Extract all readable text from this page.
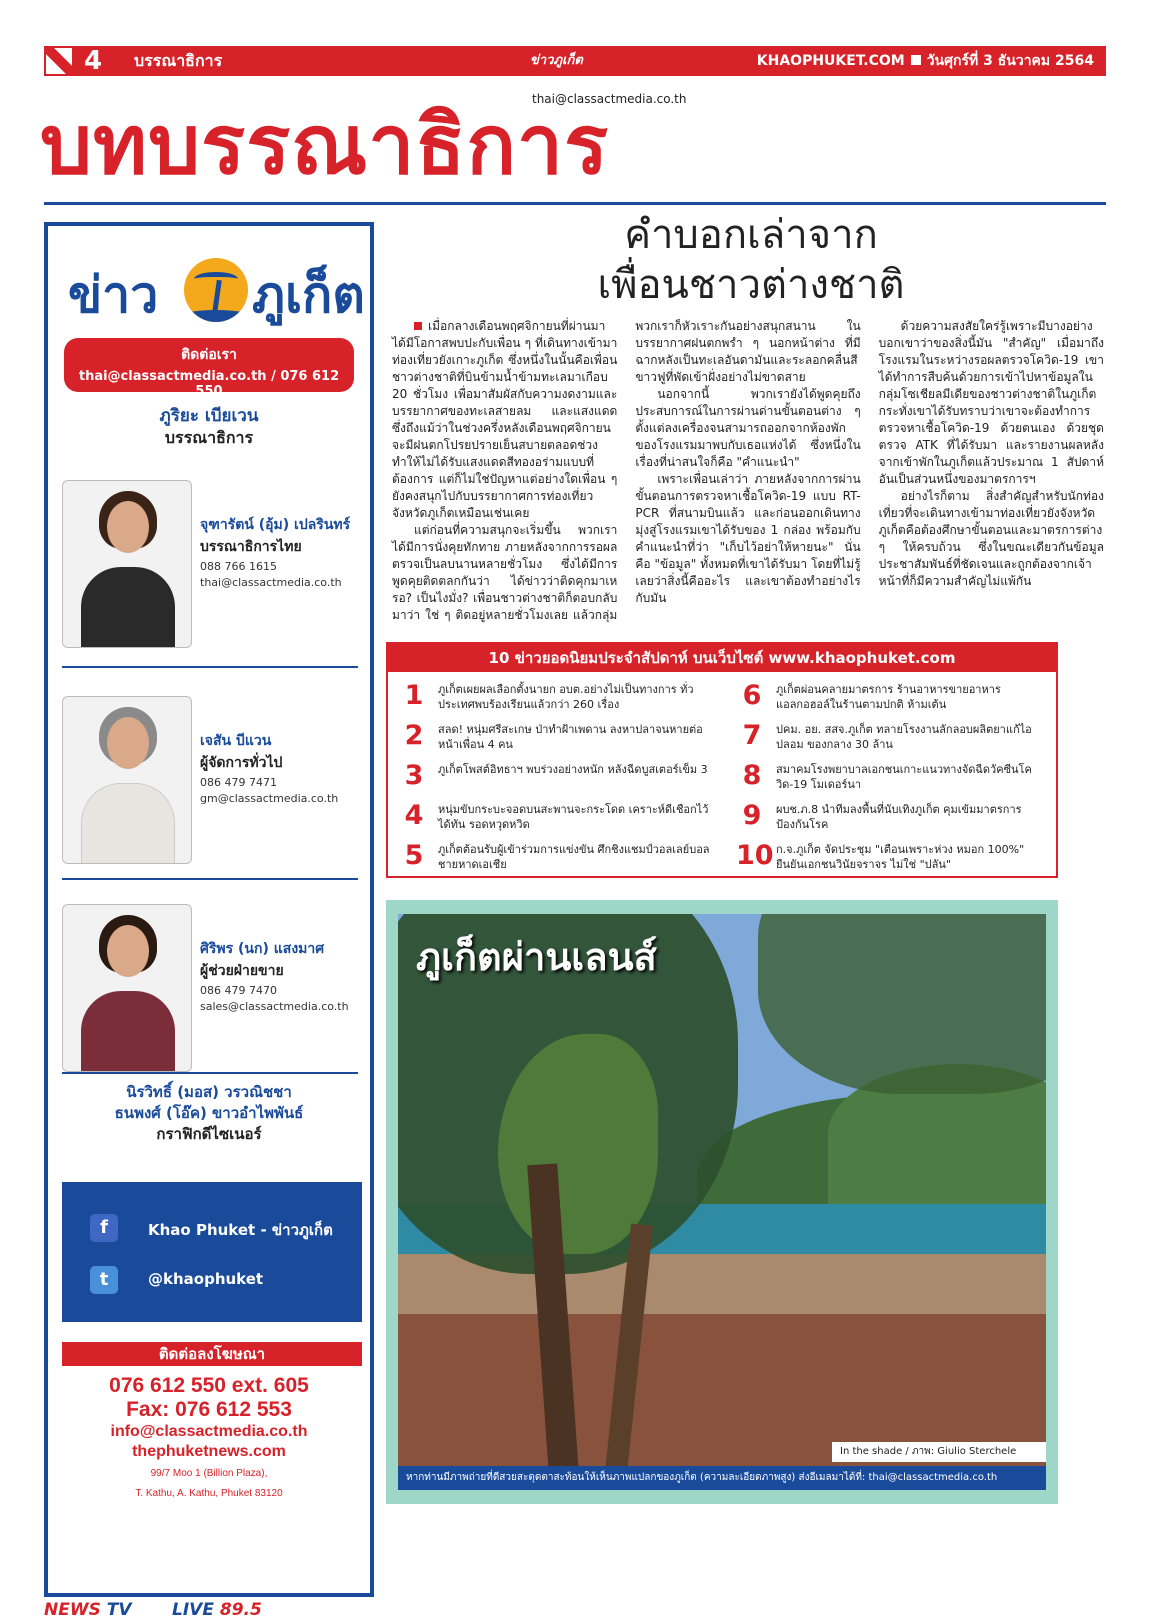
4 บรรณาธิการ	ข่าวภูเก็ต	KHAOPHUKET.COM วันศุกร์ที่ 3 ธันวาคม 2564
thai@classactmedia.co.th
บทบรรณาธิการ
ข่าว ภูเก็ต
ติดต่อเรา
thai@classactmedia.co.th / 076 612 550
ภูริยะ เบียเวน
บรรณาธิการ
จุฑารัตน์ (อุ้ม) เปลรินทร์
บรรณาธิการไทย
088 766 1615
thai@classactmedia.co.th
เจสัน บีแวน
ผู้จัดการทั่วไป
086 479 7471
gm@classactmedia.co.th
ศิริพร (นก) แสงมาศ
ผู้ช่วยฝ่ายขาย
086 479 7470
sales@classactmedia.co.th
นิรวิทธิ์ (มอส) วรวณิชชา
ธนพงศ์ (โอ๊ค) ขาวอำไพพันธ์
กราฟิกดีไซเนอร์
f	Khao Phuket - ข่าวภูเก็ต
t	@khaophuket
ติดต่อลงโฆษณา
076 612 550 ext. 605
Fax: 076 612 553
info@classactmedia.co.th
thephuketnews.com
99/7 Moo 1 (Billion Plaza),
T. Kathu, A. Kathu, Phuket 83120
คำบอกเล่าจาก
เพื่อนชาวต่างชาติ

เมื่อกลางเดือนพฤศจิกายนที่ผ่านมา ได้มีโอกาสพบปะกับเพื่อน ๆ ที่เดินทางเข้ามาท่องเที่ยวยังเกาะภูเก็ต ซึ่งหนึ่งในนั้นคือเพื่อนชาวต่างชาติที่บินข้ามน้ำข้ามทะเลมาเกือบ 20 ชั่วโมง เพื่อมาสัมผัสกับความงดงามและบรรยากาศของทะเลสายลม และแสงแดด ซึ่งถึงแม้ว่าในช่วงครึ่งหลังเดือนพฤศจิกายน จะมีฝนตกโปรยปรายเย็นสบายตลอดช่วง ทำให้ไม่ได้รับแสงแดดสีทองอร่ามแบบที่ต้องการ แต่ก็ไม่ใช่ปัญหาแต่อย่างใดเพื่อน ๆ ยังคงสนุกไปกับบรรยากาศการท่องเที่ยวจังหวัดภูเก็ตเหมือนเช่นเคย

แต่ก่อนที่ความสนุกจะเริ่มขึ้น พวกเราได้มีการนั่งคุยทักทาย ภายหลังจากการรอผลตรวจเป็นลบนานหลายชั่วโมง ซึ่งได้มีการพูดคุยติดตลกกันว่า ได้ข่าวว่าติดคุกมาเหรอ? เป็นไงมั่ง? เพื่อนชาวต่างชาติก็ตอบกลับมาว่า ใช่ ๆ ติดอยู่หลายชั่วโมงเลย แล้วกลุ่มพวกเราก็หัวเราะกันอย่างสนุกสนาน ในบรรยากาศฝนตกพรำ ๆ นอกหน้าต่าง ที่มีฉากหลังเป็นทะเลอันดามันและระลอกคลื่นสีขาวฟูที่พัดเข้าฝั่งอย่างไม่ขาดสาย

นอกจากนี้ พวกเรายังได้พูดคุยถึงประสบการณ์ในการผ่านด่านขั้นตอนต่าง ๆ ตั้งแต่ลงเครื่องจนสามารถออกจากห้องพักของโรงแรมมาพบกับเธอแห่งได้ ซึ่งหนึ่งในเรื่องที่น่าสนใจก็คือ "คำแนะนำ"

เพราะเพื่อนเล่าว่า ภายหลังจากการผ่านขั้นตอนการตรวจหาเชื้อโควิด-19 แบบ RT-PCR ที่สนามบินแล้ว และก่อนออกเดินทางมุ่งสู่โรงแรมเขาได้รับของ 1 กล่อง พร้อมกับคำแนะนำที่ว่า "เก็บไว้อย่าให้หายนะ" นั่นคือ "ข้อมูล" ทั้งหมดที่เขาได้รับมา โดยที่ไม่รู้เลยว่าสิ่งนี้คืออะไร และเขาต้องทำอย่างไรกับมัน

ด้วยความสงสัยใคร่รู้เพราะมีบางอย่างบอกเขาว่าของสิ่งนี้มัน "สำคัญ" เมื่อมาถึงโรงแรมในระหว่างรอผลตรวจโควิด-19 เขาได้ทำการสืบค้นด้วยการเข้าไปหาข้อมูลในกลุ่มโซเชียลมีเดียของชาวต่างชาติในภูเก็ต กระทั่งเขาได้รับทราบว่าเขาจะต้องทำการตรวจหาเชื้อโควิด-19 ด้วยตนเอง ด้วยชุดตรวจ ATK ที่ได้รับมา และรายงานผลหลังจากเข้าพักในภูเก็ตแล้วประมาณ 1 สัปดาห์ อันเป็นส่วนหนึ่งของมาตรการฯ

อย่างไรก็ตาม สิ่งสำคัญสำหรับนักท่องเที่ยวที่จะเดินทางเข้ามาท่องเที่ยวยังจังหวัดภูเก็ตคือต้องศึกษาขั้นตอนและมาตรการต่าง ๆ ให้ครบถ้วน ซึ่งในขณะเดียวกันข้อมูลประชาสัมพันธ์ที่ชัดเจนและถูกต้องจากเจ้าหน้าที่ก็มีความสำคัญไม่แพ้กัน

10 ข่าวยอดนิยมประจำสัปดาห์ บนเว็บไซต์ www.khaophuket.com
1	ภูเก็ตเผยผลเลือกตั้งนายก อบต.อย่างไม่เป็นทางการ ทั่วประเทศพบร้องเรียนแล้วกว่า 260 เรื่อง
2	สลด! หนุ่มศรีสะเกษ ป่าทำฝ้าเพดาน ลงหาปลาจนหายต่อหน้าเพื่อน 4 คน
3	ภูเก็ตโพสต์อิทธาฯ พบร่วงอย่างหนัก หลังฉีดบูสเตอร์เข็ม 3
4	หนุ่มขับกระบะจอดบนสะพานจะกระโดด เคราะห์ดีเชือกไว้ได้ทัน รอดหวุดหวิด
5	ภูเก็ตต้อนรับผู้เข้าร่วมการแข่งขัน ศึกชิงแชมป์วอลเลย์บอลชายหาดเอเชีย
6	ภูเก็ตผ่อนคลายมาตรการ ร้านอาหารขายอาหาร แอลกอฮอล์ในร้านตามปกติ ห้ามเต้น
7	ปคม. อย. สสจ.ภูเก็ต ทลายโรงงานลักลอบผลิตยาแก้ไอปลอม ของกลาง 30 ล้าน
8	สมาคมโรงพยาบาลเอกชนเกาะแนวทางจัดฉีดวัคซีนโควิด-19 โมเดอร์นา
9	ผบช.ภ.8 นำทีมลงพื้นที่นับเทิงภูเก็ต คุมเข้มมาตรการป้องกันโรค
10 ก.จ.ภูเก็ต จัดประชุม "เตือนเพราะห่วง หมอก 100%" ยืนยันเอกชนวินัยจราจร ไม่ใช่ "ปลัน"
ภูเก็ตผ่านเลนส์
In the shade / ภาพ: Giulio Sterchele
หากท่านมีภาพถ่ายที่ดีสวยสะดุดตาสะท้อนให้เห็นภาพแปลกของภูเก็ต (ความละเอียดภาพสูง) ส่งอีเมลมาได้ที่: thai@classactmedia.co.th
NEWS TV LIVE 89.5
